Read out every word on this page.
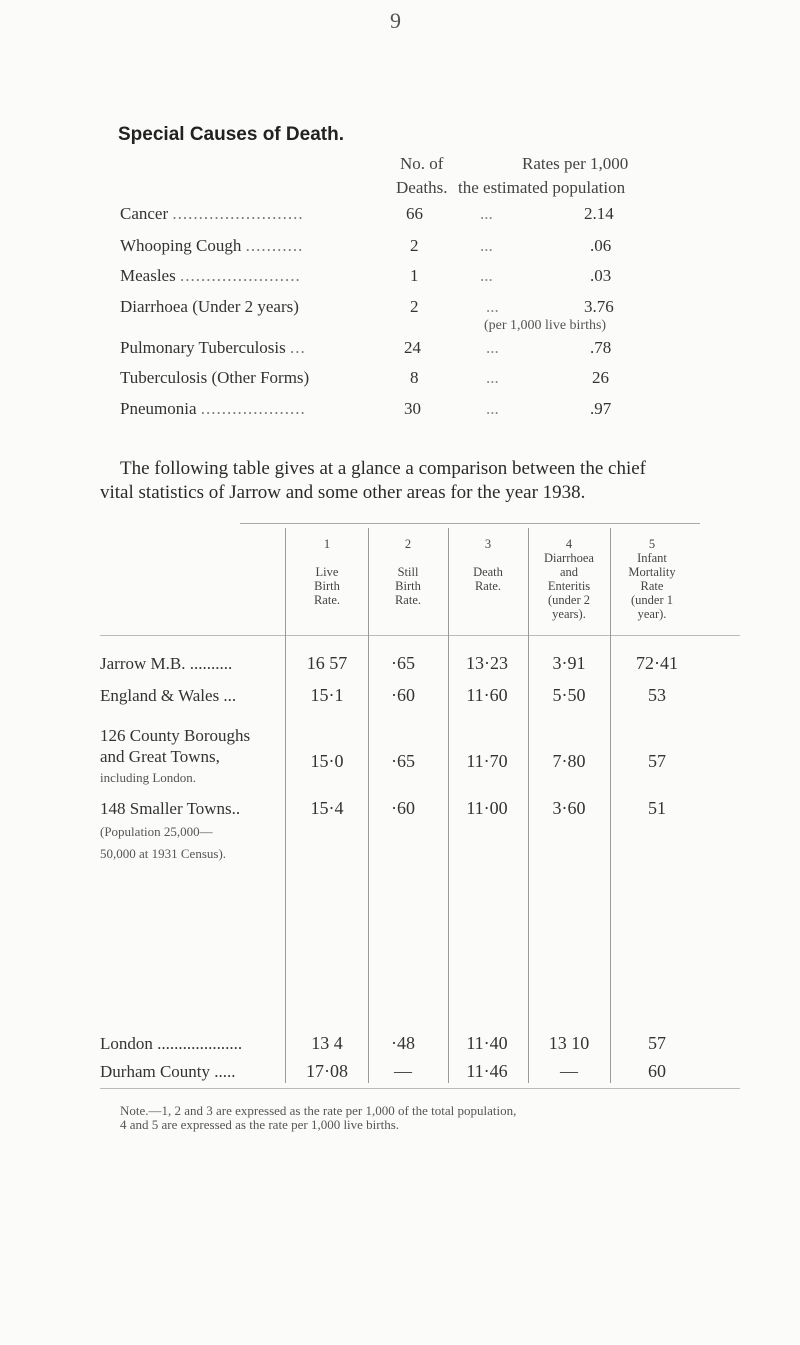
9
Special Causes of Death.
No. of
Deaths.
Rates per 1,000
the estimated population
Cancer .........................	66	...	2.14
Whooping Cough ...........	2	...	.06
Measles .......................	1	...	.03
Diarrhoea (Under 2 years)	2	...	3.76
(per 1,000 live births)
Pulmonary Tuberculosis ...	24	...	.78
Tuberculosis (Other Forms)	8	...	26
Pneumonia ....................	30	...	.97
The following table gives at a glance a comparison between the chief
vital statistics of Jarrow and some other areas for the year 1938.
1
Live
Birth
Rate.
2
Still
Birth
Rate.
3
Death
Rate.
4
Diarrhoea
and
Enteritis
(under 2
years).
5
Infant
Mortality
Rate
(under 1
year).
Jarrow M.B. ..........	16 57	·65	13·23	3·91	72·41
England & Wales ...	15·1	·60	11·60	5·50	53
126 County Boroughs
and Great Towns,
including London.
15·0	·65	11·70	7·80	57
148 Smaller Towns..
(Population 25,000—
50,000 at 1931 Census).
15·4	·60	11·00	3·60	51
London ....................	13 4	·48	11·40	13 10	57
Durham County .....	17·08	—	11·46	—	60
Note.—1, 2 and 3 are expressed as the rate per 1,000 of the total population,
4 and 5 are expressed as the rate per 1,000 live births.
